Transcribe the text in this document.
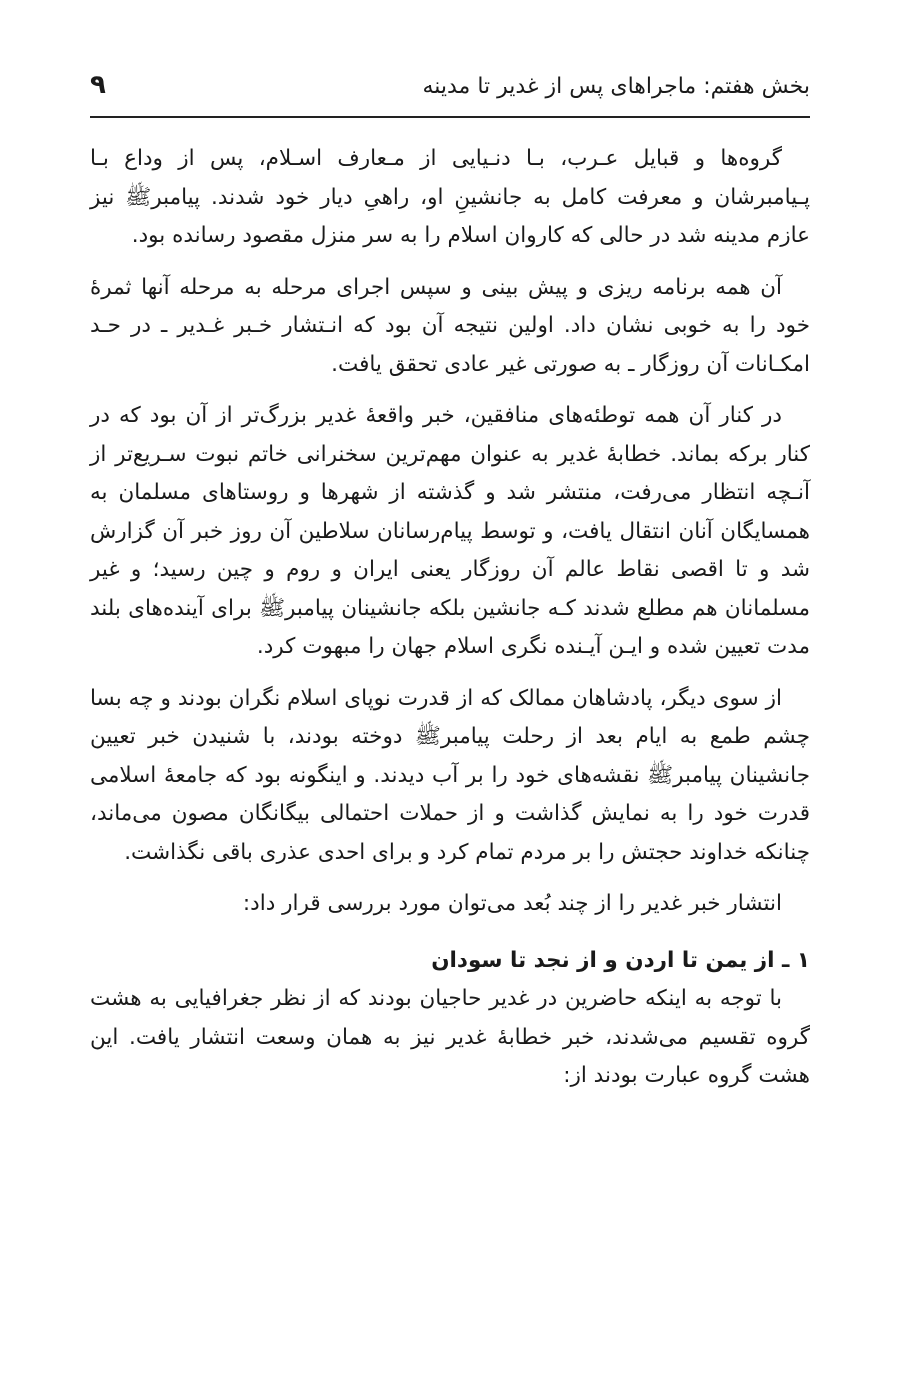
بخش هفتم: ماجراهای پس از غدیر تا مدینه
۹

گروه‌ها و قبایل عـرب، بـا دنـیایی از مـعارف اسـلام، پس از وداع بـا پـیامبرشان و معرفت کامل به جانشینِ او، راهیِ دیار خود شدند. پیامبرﷺ نیز عازم مدینه شد در حالی که کاروان اسلام را به سر منزل مقصود رسانده بود.

آن همه برنامه ریزی و پیش بینی و سپس اجرای مرحله به مرحله آنها ثمرهٔ خود را به خوبی نشان داد. اولین نتیجه آن بود که انـتشار خـبر غـدیر ـ در حـد امکـانات آن روزگار ـ به صورتی غیر عادی تحقق یافت.

در کنار آن همه توطئه‌های منافقین، خبر واقعهٔ غدیر بزرگ‌تر از آن بود که در کنار برکه بماند. خطابهٔ غدیر به عنوان مهم‌ترین سخنرانی خاتم نبوت سـریع‌تر از آنـچه انتظار می‌رفت، منتشر شد و گذشته از شهرها و روستاهای مسلمان به همسایگان آنان انتقال یافت، و توسط پیام‌رسانان سلاطین آن روز خبر آن گزارش شد و تا اقصی نقاط عالم آن روزگار یعنی ایران و روم و چین رسید؛ و غیر مسلمانان هم مطلع شدند کـه جانشین بلکه جانشینان پیامبرﷺ برای آینده‌های بلند مدت تعیین شده و ایـن آیـنده نگری اسلام جهان را مبهوت کرد.

از سوی دیگر، پادشاهان ممالک که از قدرت نوپای اسلام نگران بودند و چه بسا چشم طمع به ایام بعد از رحلت پیامبرﷺ دوخته بودند، با شنیدن خبر تعیین جانشینان پیامبرﷺ نقشه‌های خود را بر آب دیدند. و اینگونه بود که جامعهٔ اسلامی قدرت خود را به نمایش گذاشت و از حملات احتمالی بیگانگان مصون می‌ماند، چنانکه خداوند حجتش را بر مردم تمام کرد و برای احدی عذری باقی نگذاشت.

انتشار خبر غدیر را از چند بُعد می‌توان مورد بررسی قرار داد:

۱ ـ از یمن تا اردن و از نجد تا سودان

با توجه به اینکه حاضرین در غدیر حاجیان بودند که از نظر جغرافیایی به هشت گروه تقسیم می‌شدند، خبر خطابهٔ غدیر نیز به همان وسعت انتشار یافت. این هشت گروه عبارت بودند از:
